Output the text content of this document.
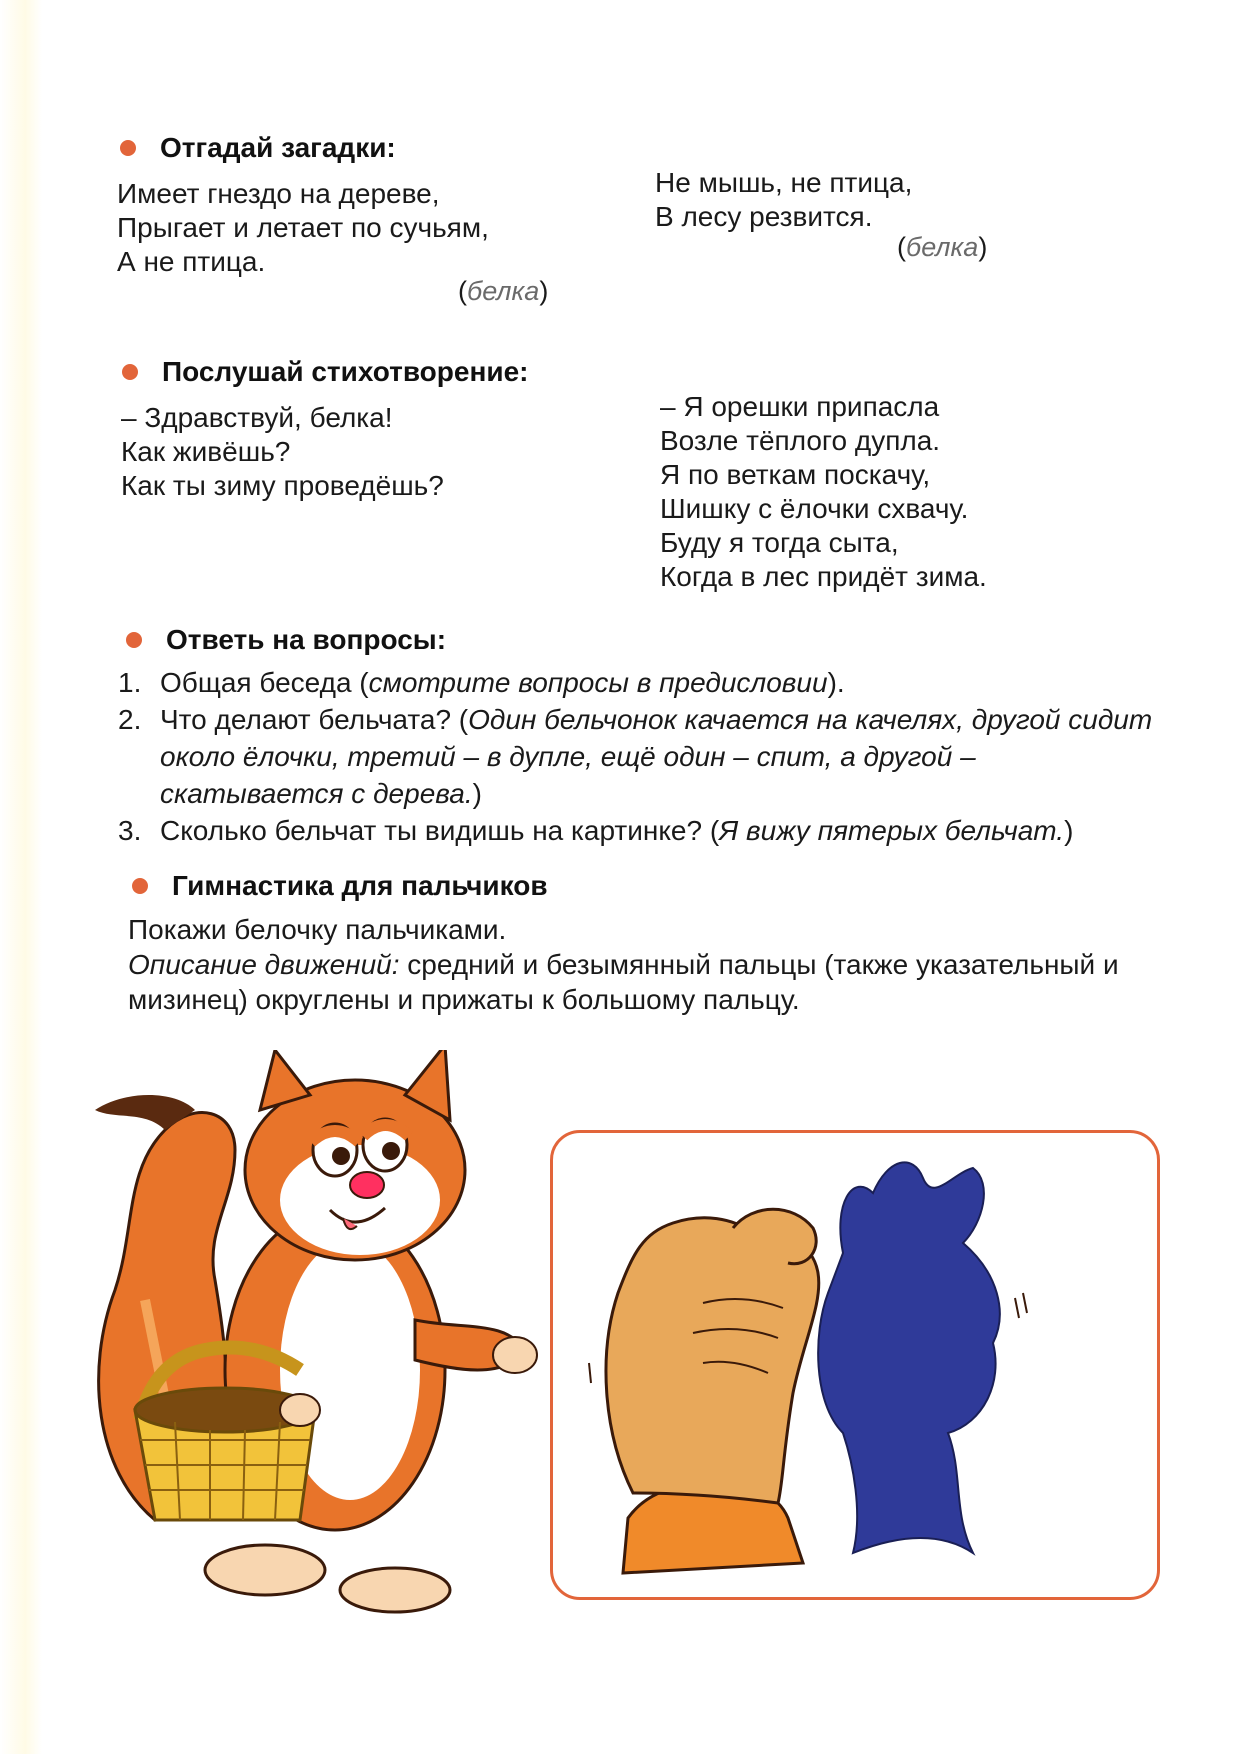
Отгадай загадки:
Имеет гнездо на дереве,
Прыгает и летает по сучьям,
А не птица.
(белка)
Не мышь, не птица,
В лесу резвится.
(белка)
Послушай стихотворение:
– Здравствуй, белка!
Как живёшь?
Как ты зиму проведёшь?
– Я орешки припасла
Возле тёплого дупла.
Я по веткам поскачу,
Шишку с ёлочки схвачу.
Буду я тогда сыта,
Когда в лес придёт зима.
Ответь на вопросы:
1. Общая беседа (смотрите вопросы в предисловии).
2. Что делают бельчата? (Один бельчонок качается на качелях, другой сидит около ёлочки, третий – в дупле, ещё один – спит, а другой – скатывается с дерева.)
3. Сколько бельчат ты видишь на картинке? (Я вижу пятерых бельчат.)
Гимнастика для пальчиков
Покажи белочку пальчиками.
Описание движений: средний и безымянный пальцы (также указательный и мизинец) округлены и прижаты к большому пальцу.
